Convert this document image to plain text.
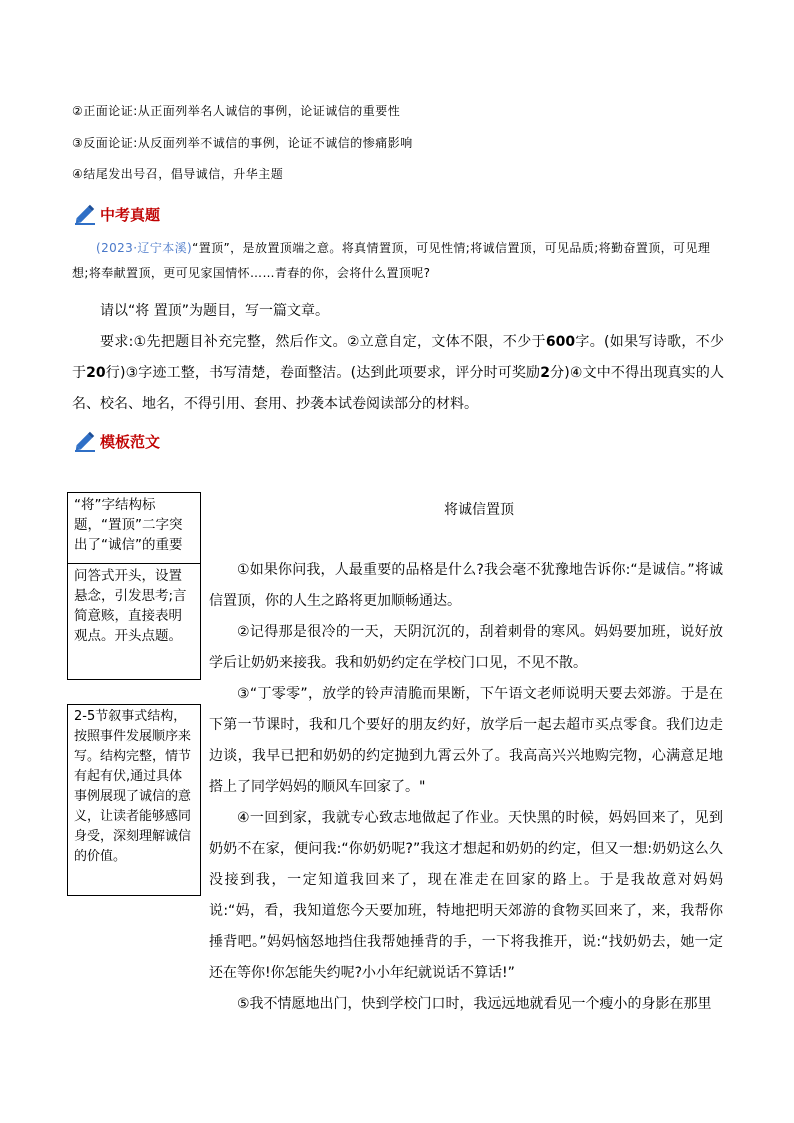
②正面论证:从正面列举名人诚信的事例，论证诚信的重要性
③反面论证:从反面列举不诚信的事例，论证不诚信的惨痛影响
④结尾发出号召，倡导诚信，升华主题
中考真题
(2023·辽宁本溪)“置顶”，是放置顶端之意。将真情置顶，可见性情;将诚信置顶，可见品质;将勤奋置顶，可见理想;将奉献置顶，更可见家国情怀……青春的你，会将什么置顶呢?
请以“将 置顶”为题目，写一篇文章。
要求:①先把题目补充完整，然后作文。②立意自定，文体不限，不少于600字。(如果写诗歌，不少于20行)③字迹工整，书写清楚，卷面整洁。(达到此项要求，评分时可奖励2分)④文中不得出现真实的人名、校名、地名，不得引用、套用、抄袭本试卷阅读部分的材料。
模板范文
“将”字结构标题，“置顶”二字突出了“诚信”的重要
问答式开头，设置悬念，引发思考;言简意赅，直接表明观点。开头点题。
2-5节叙事式结构，按照事件发展顺序来写。结构完整，情节有起有伏,通过具体事例展现了诚信的意义，让读者能够感同身受，深刻理解诚信的价值。
将诚信置顶

①如果你问我，人最重要的品格是什么?我会毫不犹豫地告诉你:“是诚信。”将诚信置顶，你的人生之路将更加顺畅通达。

②记得那是很冷的一天，天阴沉沉的，刮着刺骨的寒风。妈妈要加班，说好放学后让奶奶来接我。我和奶奶约定在学校门口见，不见不散。

③“丁零零”，放学的铃声清脆而果断，下午语文老师说明天要去郊游。于是在下第一节课时，我和几个要好的朋友约好，放学后一起去超市买点零食。我们边走边谈，我早已把和奶奶的约定抛到九霄云外了。我高高兴兴地购完物，心满意足地搭上了同学妈妈的顺风车回家了。"

④一回到家，我就专心致志地做起了作业。天快黑的时候，妈妈回来了，见到奶奶不在家，便问我:“你奶奶呢?”我这才想起和奶奶的约定，但又一想:奶奶这么久没接到我，一定知道我回来了，现在准走在回家的路上。于是我故意对妈妈说:“妈，看，我知道您今天要加班，特地把明天郊游的食物买回来了，来，我帮你捶背吧。”妈妈恼怒地挡住我帮她捶背的手，一下将我推开，说:“找奶奶去，她一定还在等你!你怎能失约呢?小小年纪就说话不算话!”

⑤我不情愿地出门，快到学校门口时，我远远地就看见一个瘦小的身影在那里
